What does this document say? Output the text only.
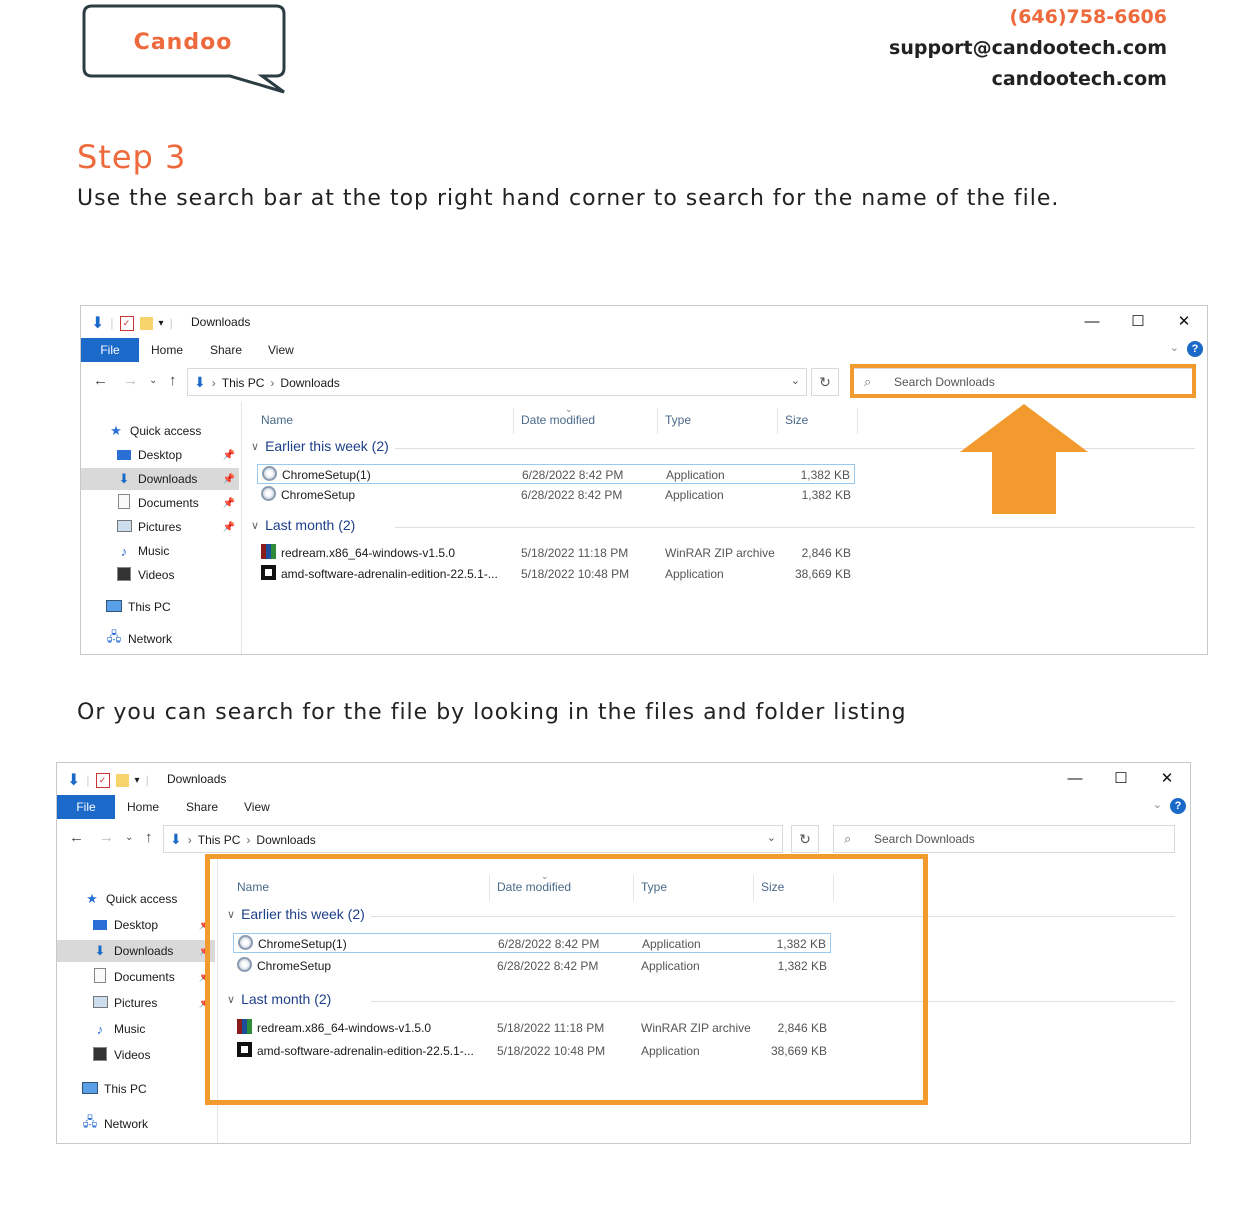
Candoo
(646)758-6606
support@candootech.com
candootech.com
Step 3
Use the search bar at the top right hand corner to search for the name of the file.
⬇ |	✓	▾ | Downloads	—	☐	✕
File	Home	Share	View	⌄	?
← → ⌄ ↑ ⬇ › This PC › Downloads	⌄	↻	⌕ Search Downloads
★ Quick access
Desktop	📌
⬇ Downloads	📌
Documents 📌
Pictures	📌
♪ Music
Videos
This PC
🖧 Network
Name	Date modified	Type	Size
⌄
∨ Earlier this week (2)
ChromeSetup(1)	6/28/2022 8:42 PM	Application	1,382 KB
ChromeSetup	6/28/2022 8:42 PM	Application	1,382 KB
∨ Last month (2)
redream.x86_64-windows-v1.5.0	5/18/2022 11:18 PM	WinRAR ZIP archive 2,846 KB
amd-software-adrenalin-edition-22.5.1-... 5/18/2022 10:48 PM	Application	38,669 KB
Or you can search for the file by looking in the files and folder listing
⬇ |	✓	▾ | Downloads	—	☐	✕
File	Home	Share	View	⌄	?
← → ⌄ ↑ ⬇ › This PC › Downloads	⌄	↻	⌕ Search Downloads
★ Quick access
Desktop	📌
⬇ Downloads	📌
Documents 📌
Pictures	📌
♪ Music
Videos
This PC
🖧 Network
Name	Date modified	Type	Size
⌄
∨ Earlier this week (2)
ChromeSetup(1)	6/28/2022 8:42 PM	Application	1,382 KB
ChromeSetup	6/28/2022 8:42 PM	Application	1,382 KB
∨ Last month (2)
redream.x86_64-windows-v1.5.0	5/18/2022 11:18 PM	WinRAR ZIP archive 2,846 KB
amd-software-adrenalin-edition-22.5.1-... 5/18/2022 10:48 PM	Application	38,669 KB
